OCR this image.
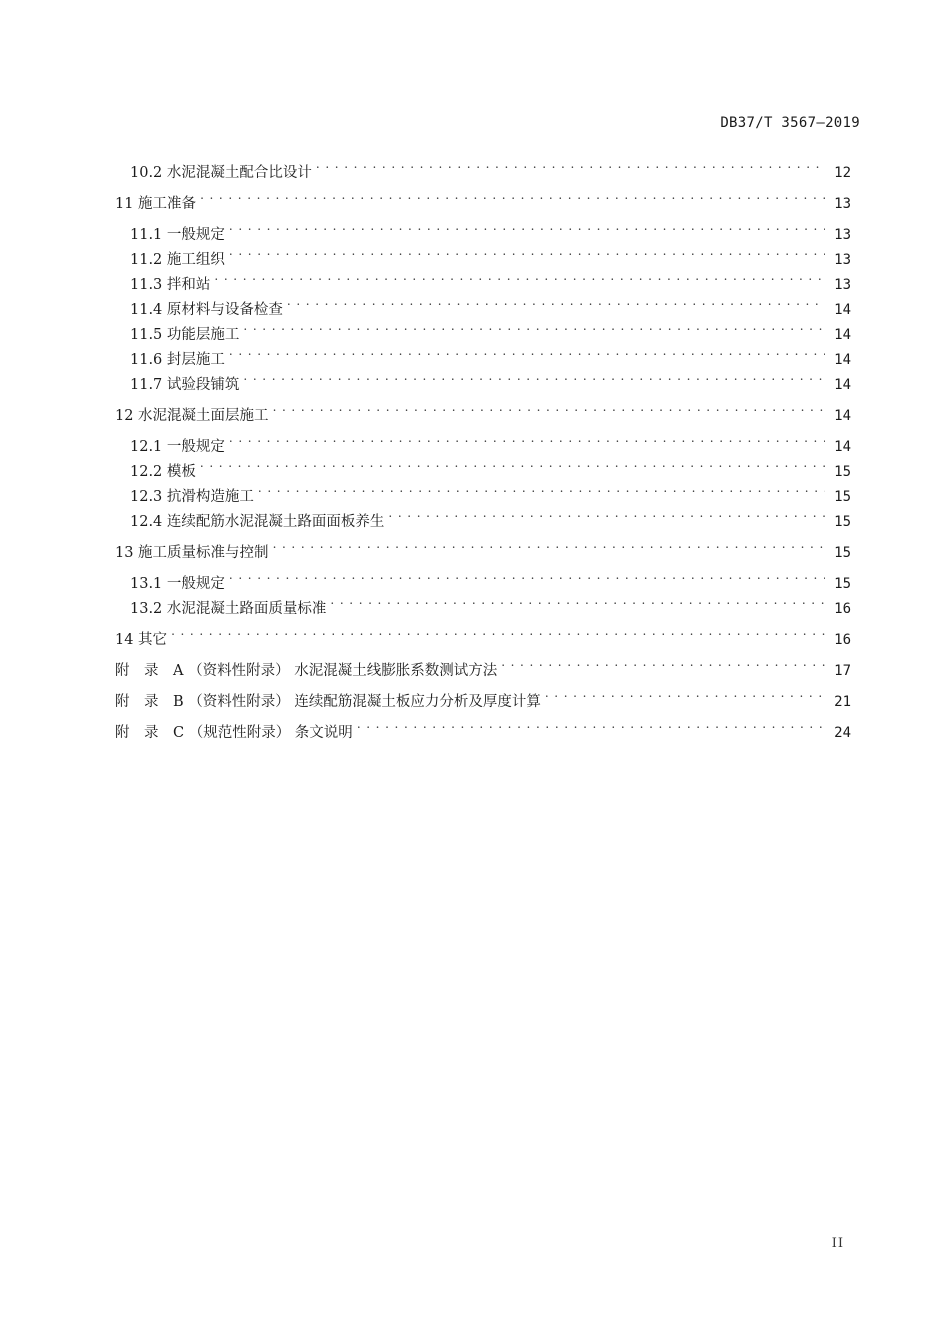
DB37/T 3567—2019
10.2 水泥混凝土配合比设计 . . .	12
11 施工准备 . . .	13
11.1 一般规定 . . .	13
11.2 施工组织 . . .	13
11.3 拌和站 . . .	13
11.4 原材料与设备检查 . . .	14
11.5 功能层施工 . . .	14
11.6 封层施工 . . .	14
11.7 试验段铺筑 . . .	14
12 水泥混凝土面层施工 . . .	14
12.1 一般规定 . . .	14
12.2 模板 . . .	15
12.3 抗滑构造施工 . . .	15
12.4 连续配筋水泥混凝土路面面板养生 . . .	15
13 施工质量标准与控制 . . .	15
13.1 一般规定 . . .	15
13.2 水泥混凝土路面质量标准 . . .	16
14 其它 . . .	16
附　录　A （资料性附录） 水泥混凝土线膨胀系数测试方法 . . .	17
附　录　B （资料性附录） 连续配筋混凝土板应力分析及厚度计算 . . .	21
附　录　C （规范性附录） 条文说明 . . .	24
II
